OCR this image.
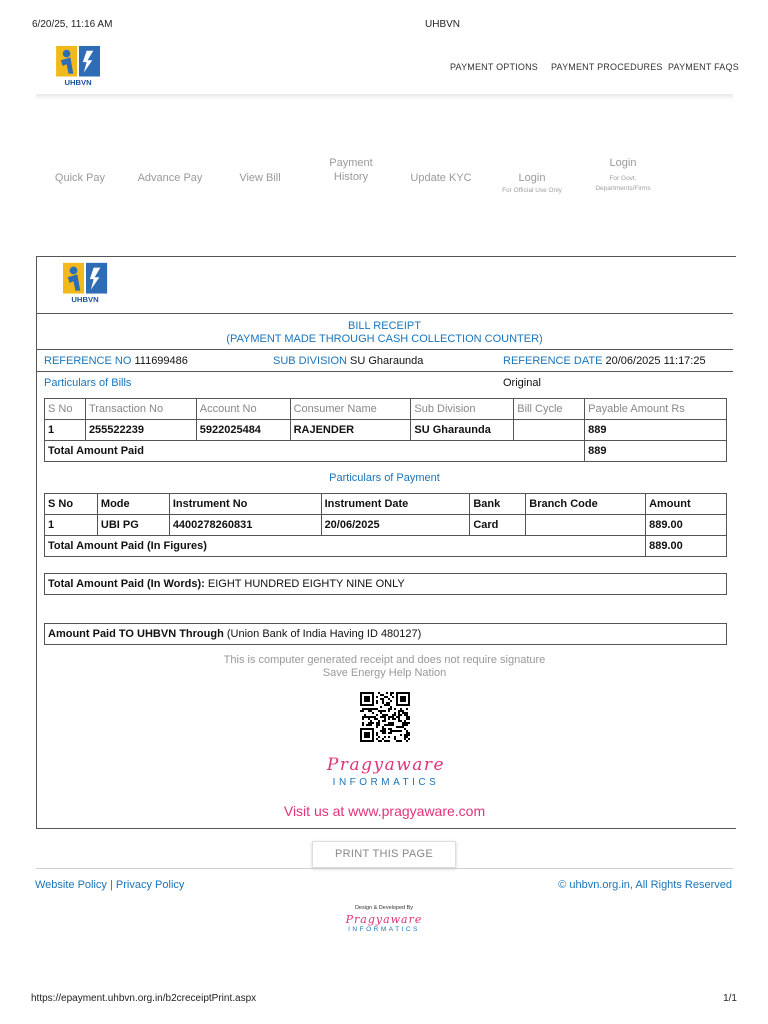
6/20/25, 11:16 AM	UHBVN
UHBVN
PAYMENT OPTIONS PAYMENT PROCEDURES PAYMENT FAQS
Quick Pay	Advance Pay	View Bill
Payment
History	Update KYC	Login
For Official Use Only
Login
For Govt.
Departments/Firms
UHBVN
BILL RECEIPT
(PAYMENT MADE THROUGH CASH COLLECTION COUNTER)
REFERENCE NO 111699486	SUB DIVISION SU Gharaunda	REFERENCE DATE 20/06/2025 11:17:25
Particulars of Bills	Original
S No	Transaction No	Account No	Consumer Name	Sub Division	Bill Cycle	Payable Amount Rs
1	255522239	5922025484	RAJENDER	SU Gharaunda		889
Total Amount Paid						889
Particulars of Payment
S No	Mode	Instrument No	Instrument Date	Bank	Branch Code	Amount
1	UBI PG	4400278260831	20/06/2025	Card		889.00
Total Amount Paid (In Figures)						889.00
Total Amount Paid (In Words): EIGHT HUNDRED EIGHTY NINE ONLY
Amount Paid TO UHBVN Through (Union Bank of India Having ID 480127)
This is computer generated receipt and does not require signature
Save Energy Help Nation
Pragyaware
INFORMATICS
Visit us at www.pragyaware.com
PRINT THIS PAGE
Website Policy | Privacy Policy	© uhbvn.org.in, All Rights Reserved
Design & Developed By
Pragyaware
INFORMATICS
https://epayment.uhbvn.org.in/b2creceiptPrint.aspx	1/1
